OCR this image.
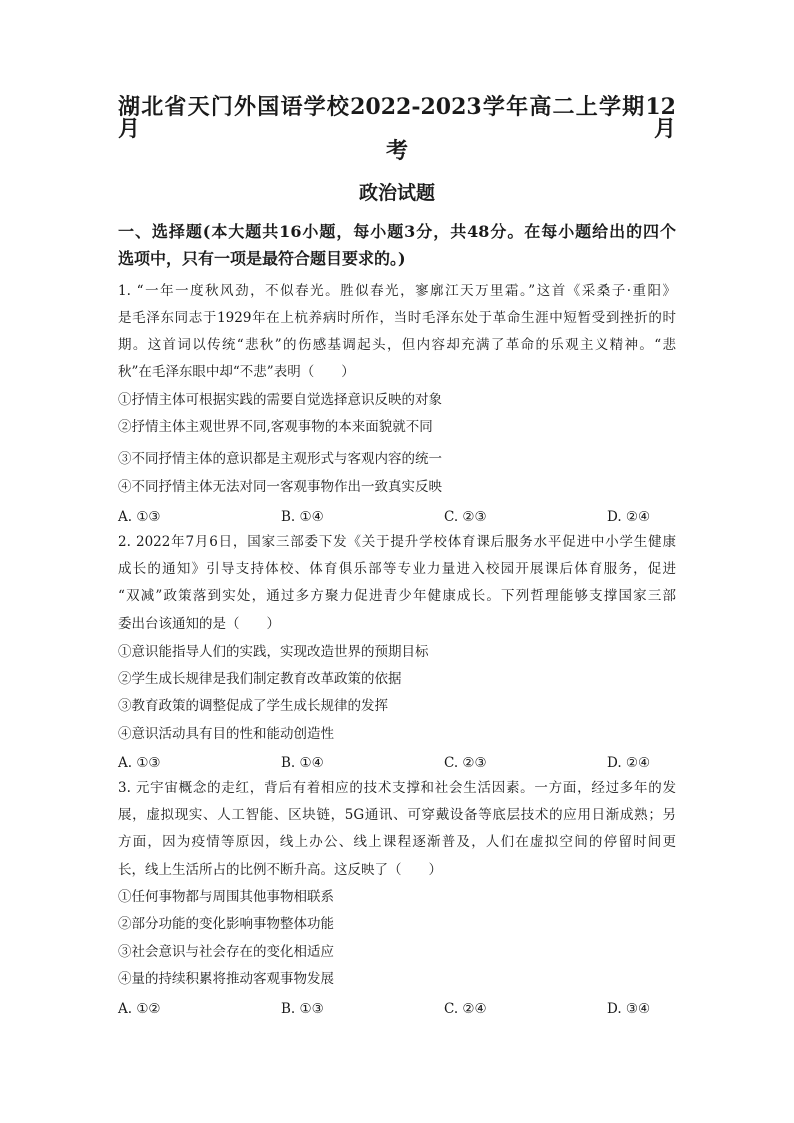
湖北省天门外国语学校2022-2023学年高二上学期12月月
考
政治试题
一、选择题(本大题共16小题，每小题3分，共48分。在每小题给出的四个
选项中，只有一项是最符合题目要求的。)
1. “一年一度秋风劲，不似春光。胜似春光，寥廓江天万里霜。”这首《采桑子·重阳》
是毛泽东同志于1929年在上杭养病时所作，当时毛泽东处于革命生涯中短暂受到挫折的时
期。这首词以传统“悲秋”的伤感基调起头，但内容却充满了革命的乐观主义精神。“悲
秋”在毛泽东眼中却“不悲”表明（　　）
①抒情主体可根据实践的需要自觉选择意识反映的对象
②抒情主体主观世界不同,客观事物的本来面貌就不同
③不同抒情主体的意识都是主观形式与客观内容的统一
④不同抒情主体无法对同一客观事物作出一致真实反映
A. ①③	B. ①④	C. ②③	D. ②④
2. 2022年7月6日，国家三部委下发《关于提升学校体育课后服务水平促进中小学生健康
成长的通知》引导支持体校、体育俱乐部等专业力量进入校园开展课后体育服务，促进
“双减”政策落到实处，通过多方聚力促进青少年健康成长。下列哲理能够支撑国家三部
委出台该通知的是（　　）
①意识能指导人们的实践，实现改造世界的预期目标
②学生成长规律是我们制定教育改革政策的依据
③教育政策的调整促成了学生成长规律的发挥
④意识活动具有目的性和能动创造性
A. ①③	B. ①④	C. ②③	D. ②④
3. 元宇宙概念的走红，背后有着相应的技术支撑和社会生活因素。一方面，经过多年的发
展，虚拟现实、人工智能、区块链，5G通讯、可穿戴设备等底层技术的应用日渐成熟；另
方面，因为疫情等原因，线上办公、线上课程逐渐普及，人们在虚拟空间的停留时间更
长，线上生活所占的比例不断升高。这反映了（　　）
①任何事物都与周围其他事物相联系
②部分功能的变化影响事物整体功能
③社会意识与社会存在的变化相适应
④量的持续积累将推动客观事物发展
A. ①②	B. ①③	C. ②④	D. ③④
